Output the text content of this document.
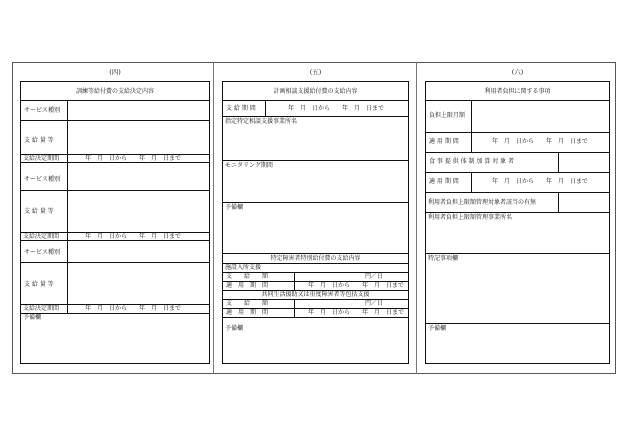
(四)	(五)	(六)
訓練等給付費の支給決定内容
サービス種別
支 給 量 等
支給決定期間	年　月　日から　　年　月　日まで
サービス種別
支 給 量 等
支給決定期間	年　月　日から　　年　月　日まで
サービス種別
支 給 量 等
支給決定期間	年　月　日から　　年　月　日まで
予備欄
計画相談支援給付費の支給内容
支 給 期 間	年　月　日から　　年　月　日まで
指定特定相談支援事業所名
モニタリング期間
予備欄
特定障害者特別給付費の支給内容
施設入所支援
支　　給　　額	円／日
適　用　期　間	年　月　日から　　年　月　日まで
共同生活援助又は重度障害者等包括支援
支　　給　　額	円／日
適　用　期　間	年　月　日から　　年　月　日まで
予備欄
利用者負担に関する事項
負担上限月額
適 用 期 間	年　月　日から　　年　月　日まで
食 事 提 供 体 制 加 算 対 象 者
適 用 期 間	年　月　日から　　年　月　日まで
利用者負担上限額管理対象者該当の有無
利用者負担上限額管理事業所名
特記事項欄
予備欄
